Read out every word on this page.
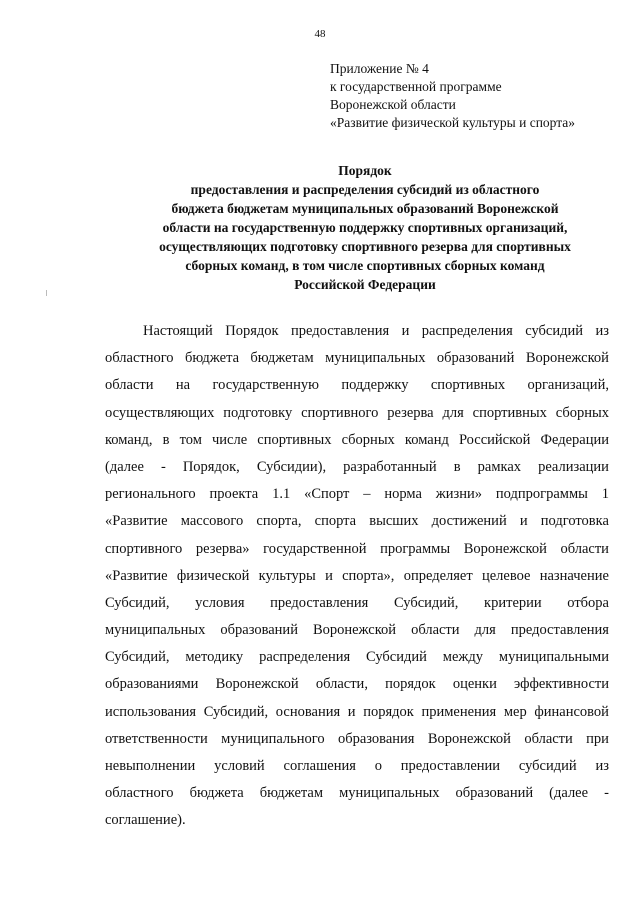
48
Приложение № 4
к государственной программе
Воронежской области
«Развитие физической культуры и спорта»
Порядок
предоставления и распределения субсидий из областного
бюджета бюджетам муниципальных образований Воронежской
области на государственную поддержку спортивных организаций,
осуществляющих подготовку спортивного резерва для спортивных
сборных команд, в том числе спортивных сборных команд
Российской Федерации
Настоящий Порядок предоставления и распределения субсидий из
областного бюджета бюджетам муниципальных образований Воронежской
области на государственную поддержку спортивных организаций,
осуществляющих подготовку спортивного резерва для спортивных сборных
команд, в том числе спортивных сборных команд Российской Федерации
(далее - Порядок, Субсидии), разработанный в рамках реализации
регионального проекта 1.1 «Спорт – норма жизни» подпрограммы 1
«Развитие массового спорта, спорта высших достижений и подготовка
спортивного резерва» государственной программы Воронежской области
«Развитие физической культуры и спорта», определяет целевое назначение
Субсидий, условия предоставления Субсидий, критерии отбора
муниципальных образований Воронежской области для предоставления
Субсидий, методику распределения Субсидий между муниципальными
образованиями Воронежской области, порядок оценки эффективности
использования Субсидий, основания и порядок применения мер финансовой
ответственности муниципального образования Воронежской области при
невыполнении условий соглашения о предоставлении субсидий из
областного бюджета бюджетам муниципальных образований (далее -
соглашение).
